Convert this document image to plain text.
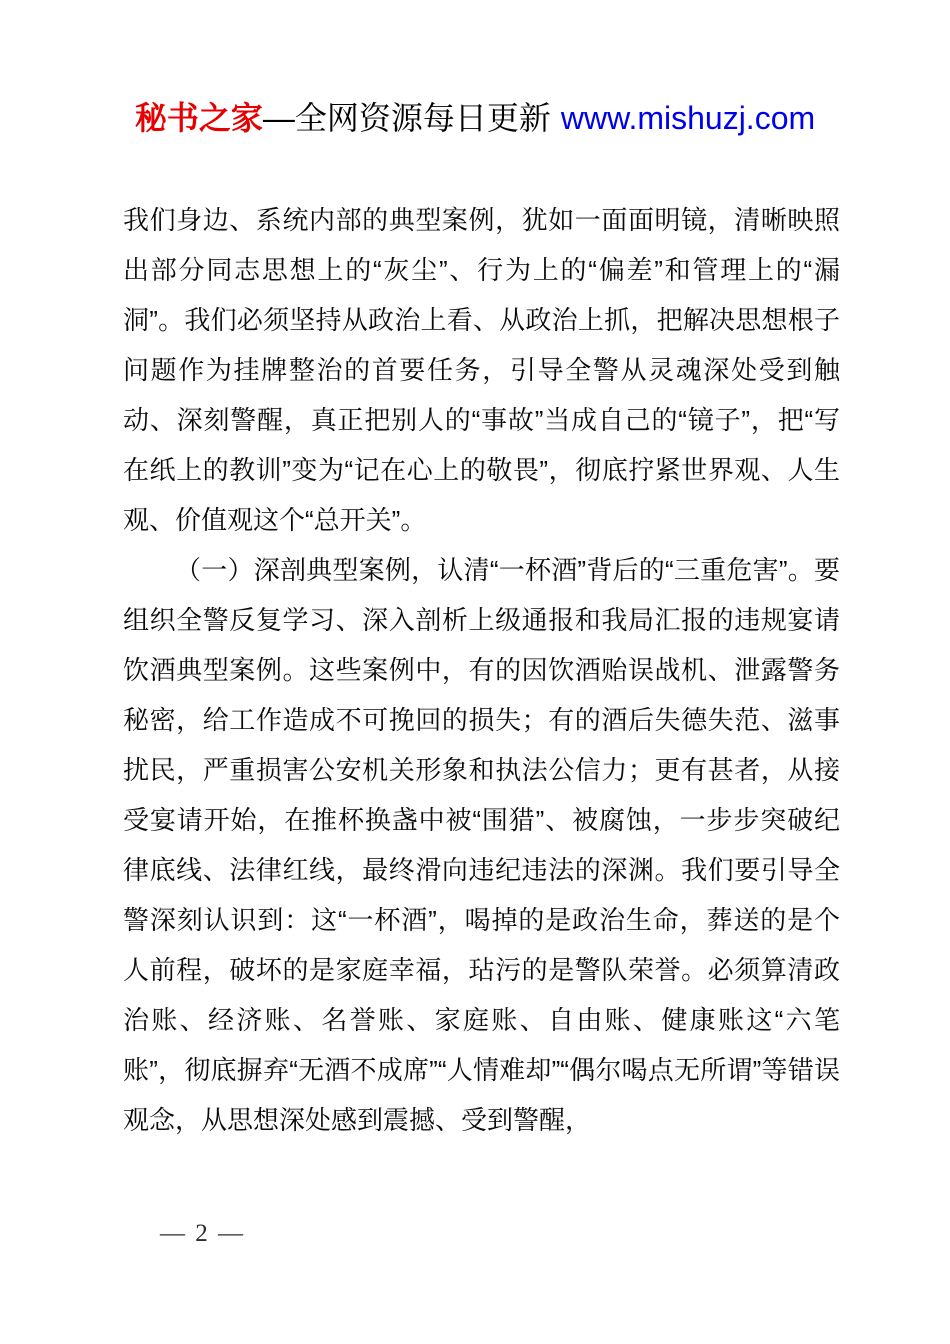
秘书之家—全网资源每日更新 www.mishuzj.com

我们身边、系统内部的典型案例，犹如一面面明镜，清晰映照出部分同志思想上的“灰尘”、行为上的“偏差”和管理上的“漏洞”。我们必须坚持从政治上看、从政治上抓，把解决思想根子问题作为挂牌整治的首要任务，引导全警从灵魂深处受到触动、深刻警醒，真正把别人的“事故”当成自己的“镜子”，把“写在纸上的教训”变为“记在心上的敬畏”，彻底拧紧世界观、人生观、价值观这个“总开关”。

（一）深剖典型案例，认清“一杯酒”背后的“三重危害”。要组织全警反复学习、深入剖析上级通报和我局汇报的违规宴请饮酒典型案例。这些案例中，有的因饮酒贻误战机、泄露警务秘密，给工作造成不可挽回的损失；有的酒后失德失范、滋事扰民，严重损害公安机关形象和执法公信力；更有甚者，从接受宴请开始，在推杯换盏中被“围猎”、被腐蚀，一步步突破纪律底线、法律红线，最终滑向违纪违法的深渊。我们要引导全警深刻认识到：这“一杯酒”，喝掉的是政治生命，葬送的是个人前程，破坏的是家庭幸福，玷污的是警队荣誉。必须算清政治账、经济账、名誉账、家庭账、自由账、健康账这“六笔账”，彻底摒弃“无酒不成席”“人情难却”“偶尔喝点无所谓”等错误观念，从思想深处感到震撼、受到警醒，

— 2 —
